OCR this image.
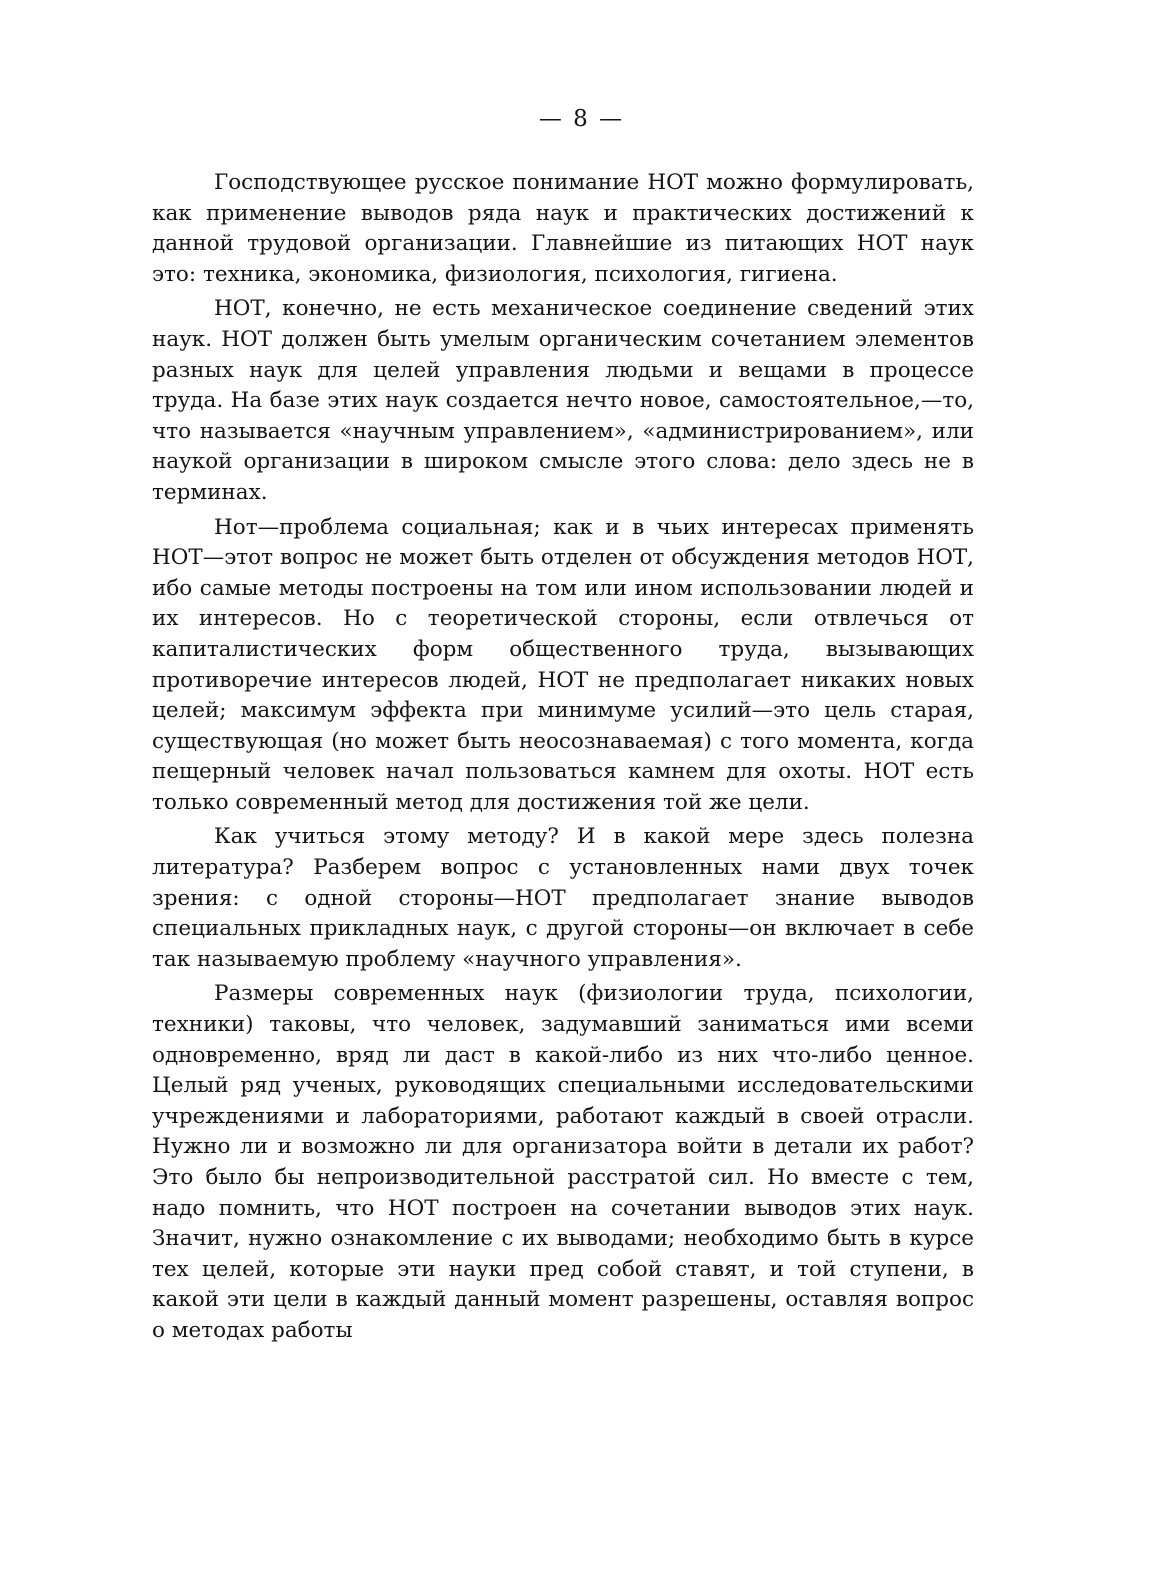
— 8 —

Господствующее русское понимание НОТ можно формулировать, как применение выводов ряда наук и практических достижений к данной трудовой организации. Главнейшие из питающих НОТ наук это: техника, экономика, физиология, психология, гигиена.

НОТ, конечно, не есть механическое соединение сведений этих наук. НОТ должен быть умелым органическим сочетанием элементов разных наук для целей управления людьми и вещами в процессе труда. На базе этих наук создается нечто новое, самостоятельное,—то, что называется «научным управлением», «администрированием», или наукой организации в широком смысле этого слова: дело здесь не в терминах.

Нот—проблема социальная; как и в чьих интересах применять НОТ—этот вопрос не может быть отделен от обсуждения методов НОТ, ибо самые методы построены на том или ином использовании людей и их интересов. Но с теоретической стороны, если отвлечься от капиталистических форм общественного труда, вызывающих противоречие интересов людей, НОТ не предполагает никаких новых целей; максимум эффекта при минимуме усилий—это цель старая, существующая (но может быть неосознаваемая) с того момента, когда пещерный человек начал пользоваться камнем для охоты. НОТ есть только современный метод для достижения той же цели.

Как учиться этому методу? И в какой мере здесь полезна литература? Разберем вопрос с установленных нами двух точек зрения: с одной стороны—НОТ предполагает знание выводов специальных прикладных наук, с другой стороны—он включает в себе так называемую проблему «научного управления».

Размеры современных наук (физиологии труда, психологии, техники) таковы, что человек, задумавший заниматься ими всеми одновременно, вряд ли даст в какой-либо из них что-либо ценное. Целый ряд ученых, руководящих специальными исследовательскими учреждениями и лабораториями, работают каждый в своей отрасли. Нужно ли и возможно ли для организатора войти в детали их работ? Это было бы непроизводительной расстратой сил. Но вместе с тем, надо помнить, что НОТ построен на сочетании выводов этих наук. Значит, нужно ознакомление с их выводами; необходимо быть в курсе тех целей, которые эти науки пред собой ставят, и той ступени, в какой эти цели в каждый данный момент разрешены, оставляя вопрос о методах работы
